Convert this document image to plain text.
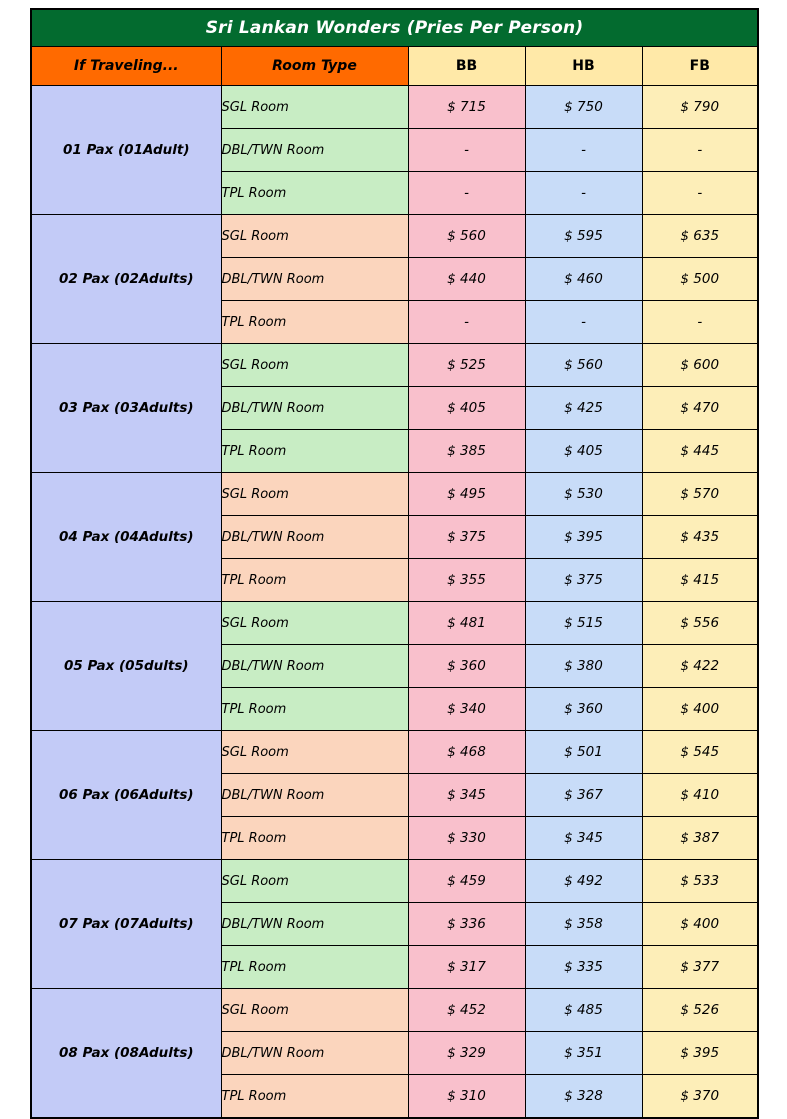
Sri Lankan Wonders (Pries Per Person)				
If Traveling...	Room Type	BB	HB	FB
01 Pax (01Adult)	SGL Room	$ 715	$ 750	$ 790
	DBL/TWN Room	-	-	-
	TPL Room	-	-	-
02 Pax (02Adults)	SGL Room	$ 560	$ 595	$ 635
	DBL/TWN Room	$ 440	$ 460	$ 500
	TPL Room	-	-	-
03 Pax (03Adults)	SGL Room	$ 525	$ 560	$ 600
	DBL/TWN Room	$ 405	$ 425	$ 470
	TPL Room	$ 385	$ 405	$ 445
04 Pax (04Adults)	SGL Room	$ 495	$ 530	$ 570
	DBL/TWN Room	$ 375	$ 395	$ 435
	TPL Room	$ 355	$ 375	$ 415
05 Pax (05dults)	SGL Room	$ 481	$ 515	$ 556
	DBL/TWN Room	$ 360	$ 380	$ 422
	TPL Room	$ 340	$ 360	$ 400
06 Pax (06Adults)	SGL Room	$ 468	$ 501	$ 545
	DBL/TWN Room	$ 345	$ 367	$ 410
	TPL Room	$ 330	$ 345	$ 387
07 Pax (07Adults)	SGL Room	$ 459	$ 492	$ 533
	DBL/TWN Room	$ 336	$ 358	$ 400
	TPL Room	$ 317	$ 335	$ 377
08 Pax (08Adults)	SGL Room	$ 452	$ 485	$ 526
	DBL/TWN Room	$ 329	$ 351	$ 395
	TPL Room	$ 310	$ 328	$ 370
